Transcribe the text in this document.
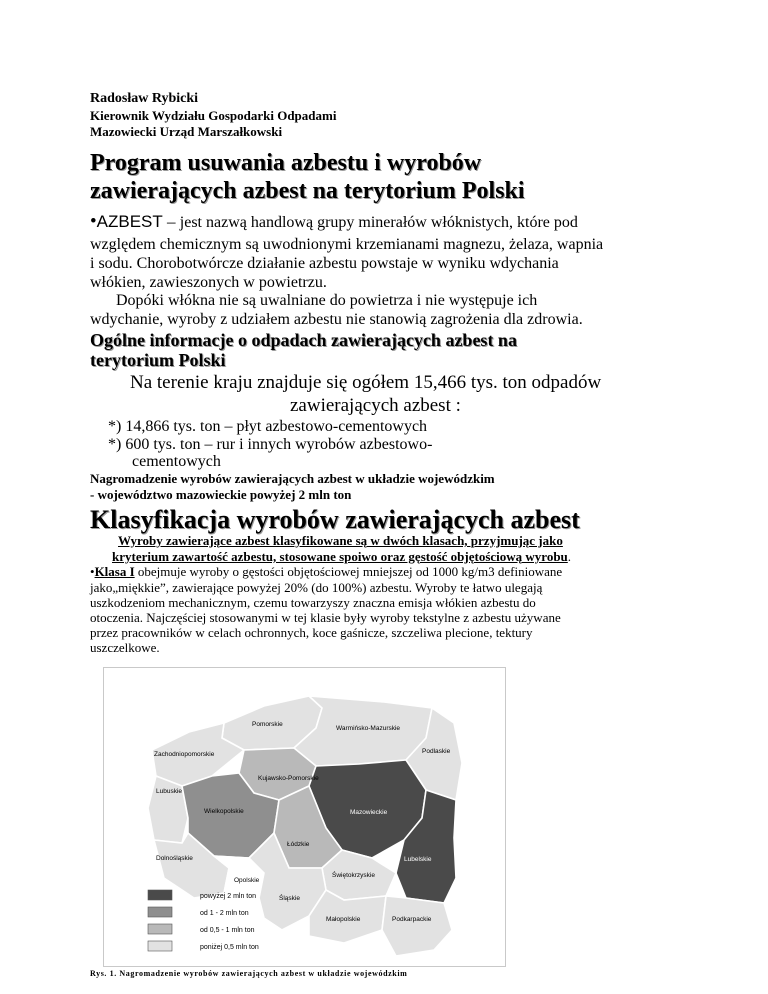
Radosław Rybicki
Kierownik Wydziału Gospodarki Odpadami
Mazowiecki Urząd Marszałkowski
Program usuwania azbestu i wyrobów
zawierających azbest na terytorium Polski
•AZBEST – jest nazwą handlową grupy minerałów włóknistych, które pod
względem chemicznym są uwodnionymi krzemianami magnezu, żelaza, wapnia
i sodu. Chorobotwórcze działanie azbestu powstaje w wyniku wdychania
włókien, zawieszonych w powietrzu.
Dopóki włókna nie są uwalniane do powietrza i nie występuje ich
wdychanie, wyroby z udziałem azbestu nie stanowią zagrożenia dla zdrowia.
Ogólne informacje o odpadach zawierających azbest na
terytorium Polski
Na terenie kraju znajduje się ogółem 15,466 tys. ton odpadów
zawierających azbest :
*) 14,866 tys. ton – płyt azbestowo-cementowych
*) 600 tys. ton – rur i innych wyrobów azbestowo-
cementowych
Nagromadzenie wyrobów zawierających azbest w układzie wojewódzkim
- województwo mazowieckie powyżej 2 mln ton
Klasyfikacja wyrobów zawierających azbest
Wyroby zawierające azbest klasyfikowane są w dwóch klasach, przyjmując jako
kryterium zawartość azbestu, stosowane spoiwo oraz gęstość objętościową wyrobu.
•Klasa I obejmuje wyroby o gęstości objętościowej mniejszej od 1000 kg/m3 definiowane
jako„miękkie”, zawierające powyżej 20% (do 100%) azbestu. Wyroby te łatwo ulegają
uszkodzeniom mechanicznym, czemu towarzyszy znaczna emisja włókien azbestu do
otoczenia. Najczęściej stosowanymi w tej klasie były wyroby tekstylne z azbestu używane
przez pracowników w celach ochronnych, koce gaśnicze, szczeliwa plecione, tektury
uszczelkowe.
Pomorskie
Zachodniopomorskie
Warmińsko-Mazurskie
Podlaskie
Kujawsko-Pomorskie
Lubuskie
Wielkopolskie	Mazowieckie
Łódzkie
Lubelskie
Dolnośląskie
Opolskie
Świętokrzyskie
Śląskie
Małopolskie	Podkarpackie
powyżej 2 mln ton
od 1 - 2 mln ton
od 0,5 - 1 mln ton
poniżej 0,5 mln ton
Rys. 1. Nagromadzenie wyrobów zawierających azbest w układzie wojewódzkim
